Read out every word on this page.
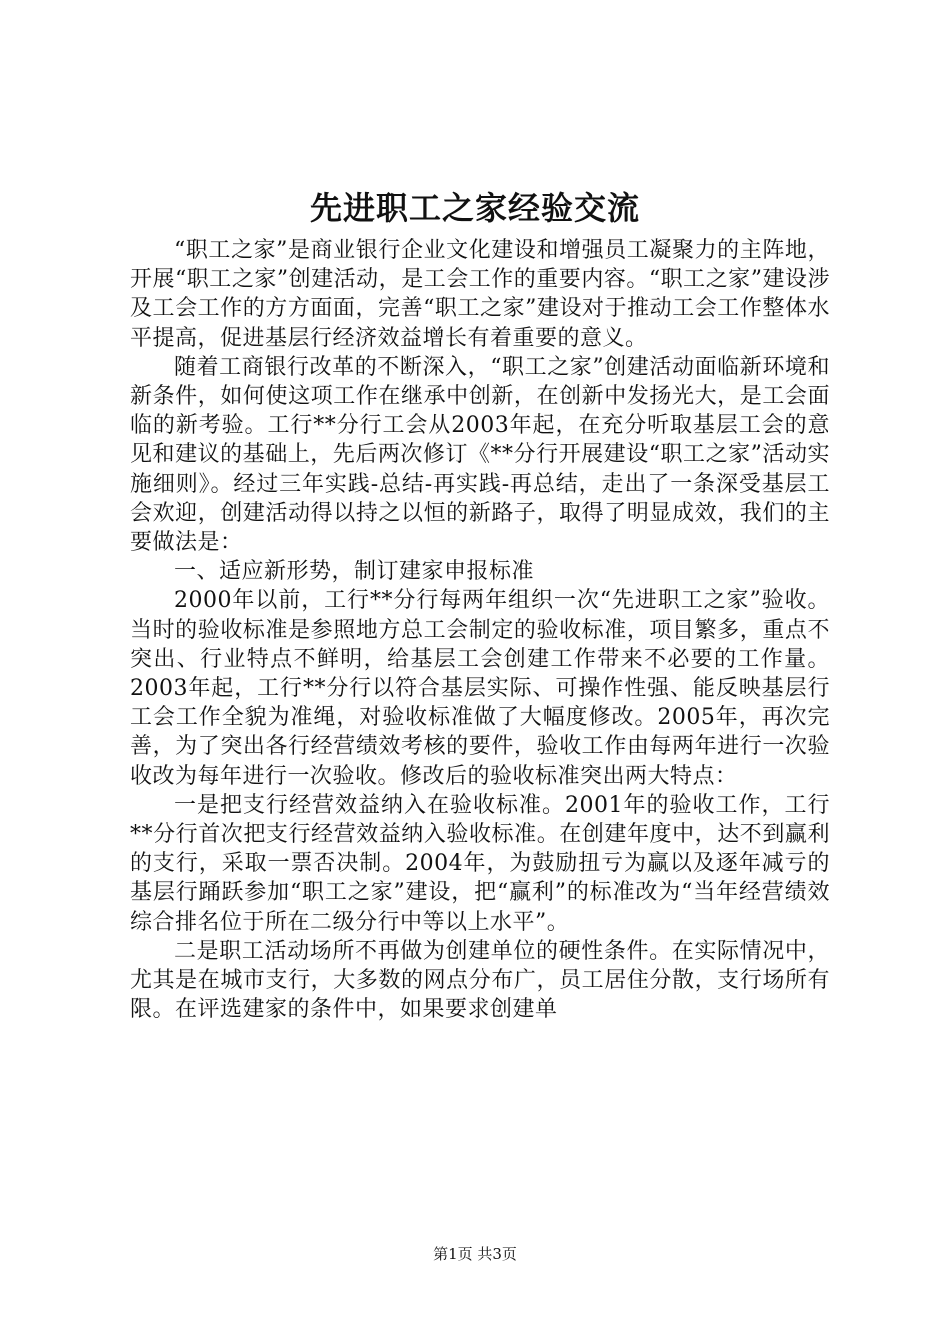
先进职工之家经验交流

“职工之家”是商业银行企业文化建设和增强员工凝聚力的主阵地，开展“职工之家”创建活动，是工会工作的重要内容。“职工之家”建设涉及工会工作的方方面面，完善“职工之家”建设对于推动工会工作整体水平提高，促进基层行经济效益增长有着重要的意义。

随着工商银行改革的不断深入，“职工之家”创建活动面临新环境和新条件，如何使这项工作在继承中创新，在创新中发扬光大，是工会面临的新考验。工行**分行工会从2003年起，在充分听取基层工会的意见和建议的基础上，先后两次修订《**分行开展建设“职工之家”活动实施细则》。经过三年实践-总结-再实践-再总结，走出了一条深受基层工会欢迎，创建活动得以持之以恒的新路子，取得了明显成效，我们的主要做法是：

一、适应新形势，制订建家申报标准

2000年以前，工行**分行每两年组织一次“先进职工之家”验收。当时的验收标准是参照地方总工会制定的验收标准，项目繁多，重点不突出、行业特点不鲜明，给基层工会创建工作带来不必要的工作量。2003年起，工行**分行以符合基层实际、可操作性强、能反映基层行工会工作全貌为准绳，对验收标准做了大幅度修改。2005年，再次完善，为了突出各行经营绩效考核的要件，验收工作由每两年进行一次验收改为每年进行一次验收。修改后的验收标准突出两大特点：

一是把支行经营效益纳入在验收标准。2001年的验收工作，工行**分行首次把支行经营效益纳入验收标准。在创建年度中，达不到赢利的支行，采取一票否决制。2004年，为鼓励扭亏为赢以及逐年减亏的基层行踊跃参加“职工之家”建设，把“赢利”的标准改为“当年经营绩效综合排名位于所在二级分行中等以上水平”。

二是职工活动场所不再做为创建单位的硬性条件。在实际情况中，尤其是在城市支行，大多数的网点分布广，员工居住分散，支行场所有限。在评选建家的条件中，如果要求创建单

第1页 共3页
